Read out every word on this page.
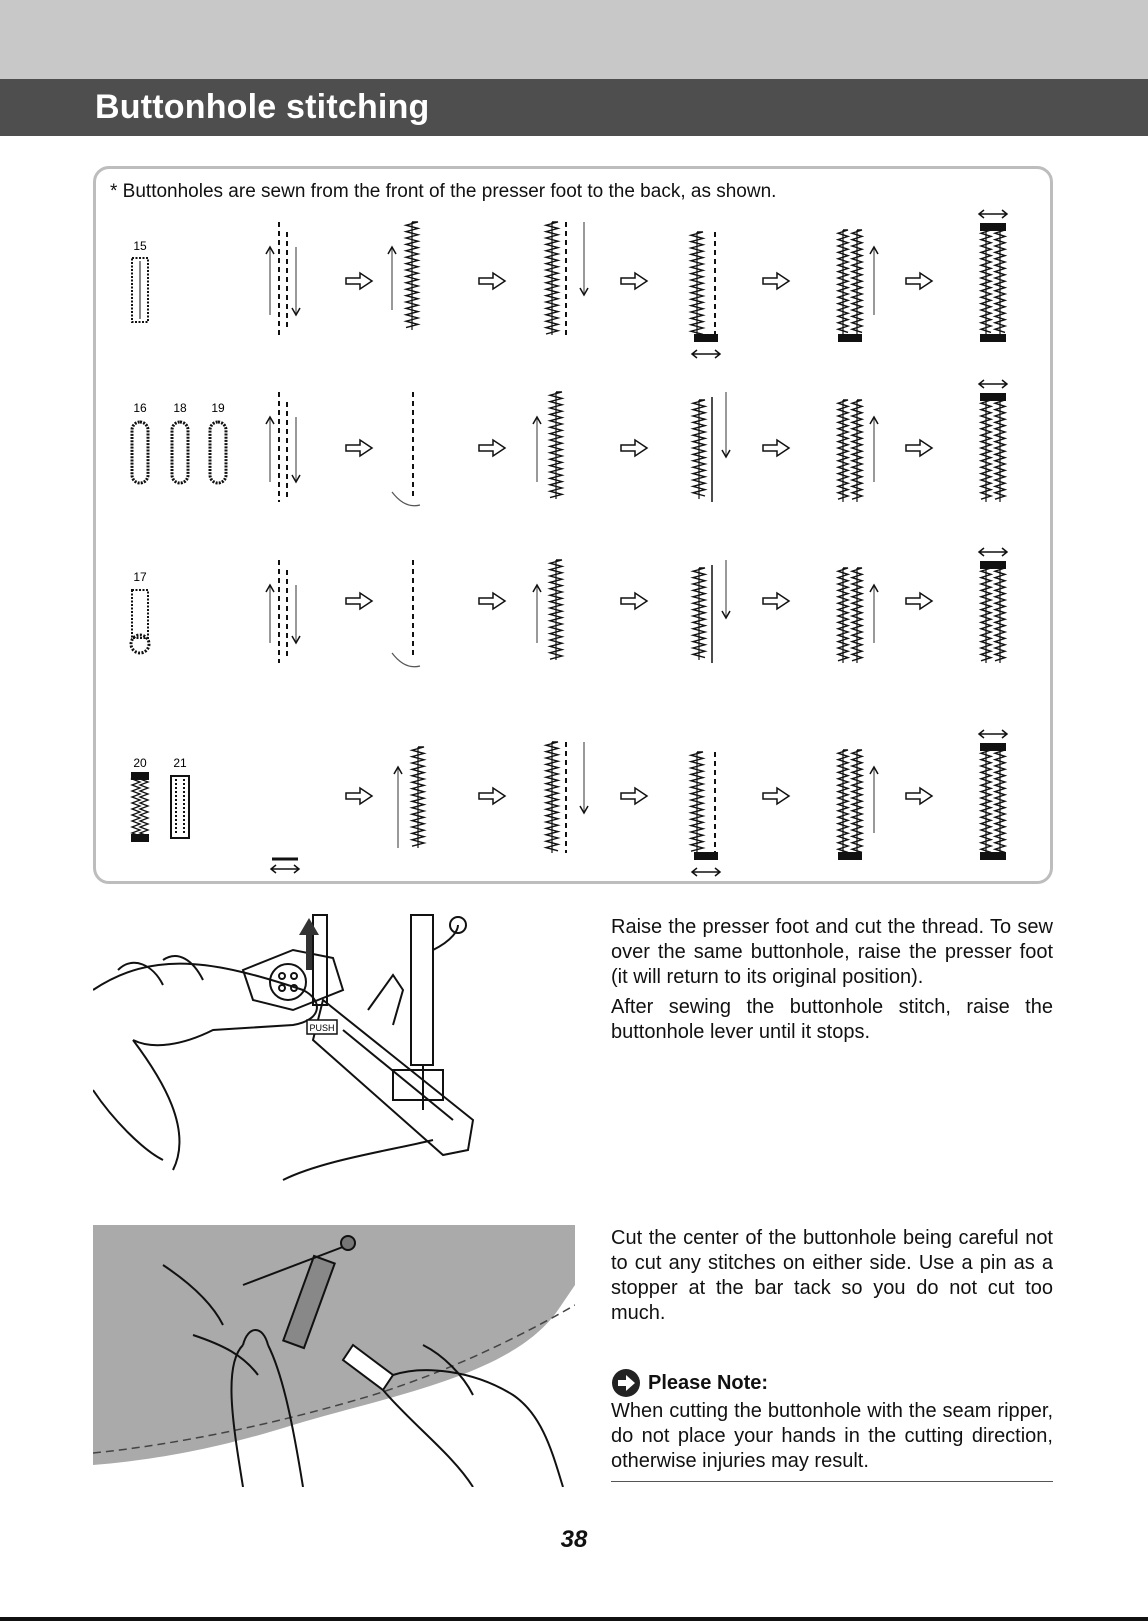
Buttonhole stitching

* Buttonholes are sewn from the front of the presser foot to the back, as shown.

15
16 18 19
17
20 21
PUSH

Raise the presser foot and cut the thread. To sew over the same buttonhole, raise the presser foot (it will return to its original position).

After sewing the buttonhole stitch, raise the buttonhole lever until it stops.

Cut the center of the buttonhole being careful not to cut any stitches on either side. Use a pin as a stopper at the bar tack so you do not cut too much.

Please Note:

When cutting the buttonhole with the seam ripper, do not place your hands in the cutting direction, otherwise injuries may result.

38
